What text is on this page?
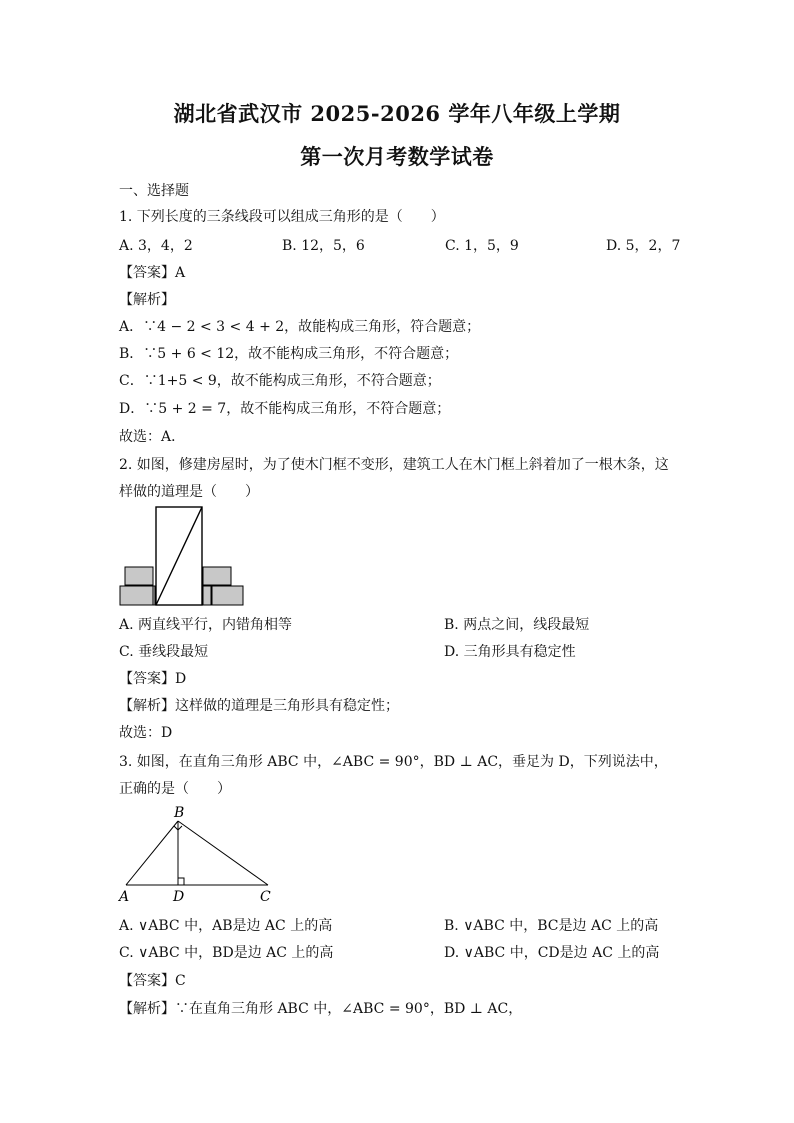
湖北省武汉市 2025-2026 学年八年级上学期
第一次月考数学试卷
一、选择题
1. 下列长度的三条线段可以组成三角形的是（　　）
A. 3，4，2	B. 12，5，6	C. 1，5，9	D. 5，2，7
【答案】A
【解析】
A．∵4 − 2 < 3 < 4 + 2，故能构成三角形，符合题意；
B．∵5 + 6 < 12，故不能构成三角形，不符合题意；
C．∵1+5 < 9，故不能构成三角形，不符合题意；
D．∵5 + 2 = 7，故不能构成三角形，不符合题意；
故选：A．
2. 如图，修建房屋时，为了使木门框不变形，建筑工人在木门框上斜着加了一根木条，这
样做的道理是（　　）
A. 两直线平行，内错角相等	B. 两点之间，线段最短
C. 垂线段最短	D. 三角形具有稳定性
【答案】D
【解析】这样做的道理是三角形具有稳定性；
故选：D
3. 如图，在直角三角形 ABC 中，∠ABC = 90°，BD ⊥ AC，垂足为 D，下列说法中，
正确的是（　　）
B
A	D	C
A. ∨ABC 中，AB是边 AC 上的高	B. ∨ABC 中，BC是边 AC 上的高
C. ∨ABC 中，BD是边 AC 上的高	D. ∨ABC 中，CD是边 AC 上的高
【答案】C
【解析】∵在直角三角形 ABC 中，∠ABC = 90°，BD ⊥ AC，
